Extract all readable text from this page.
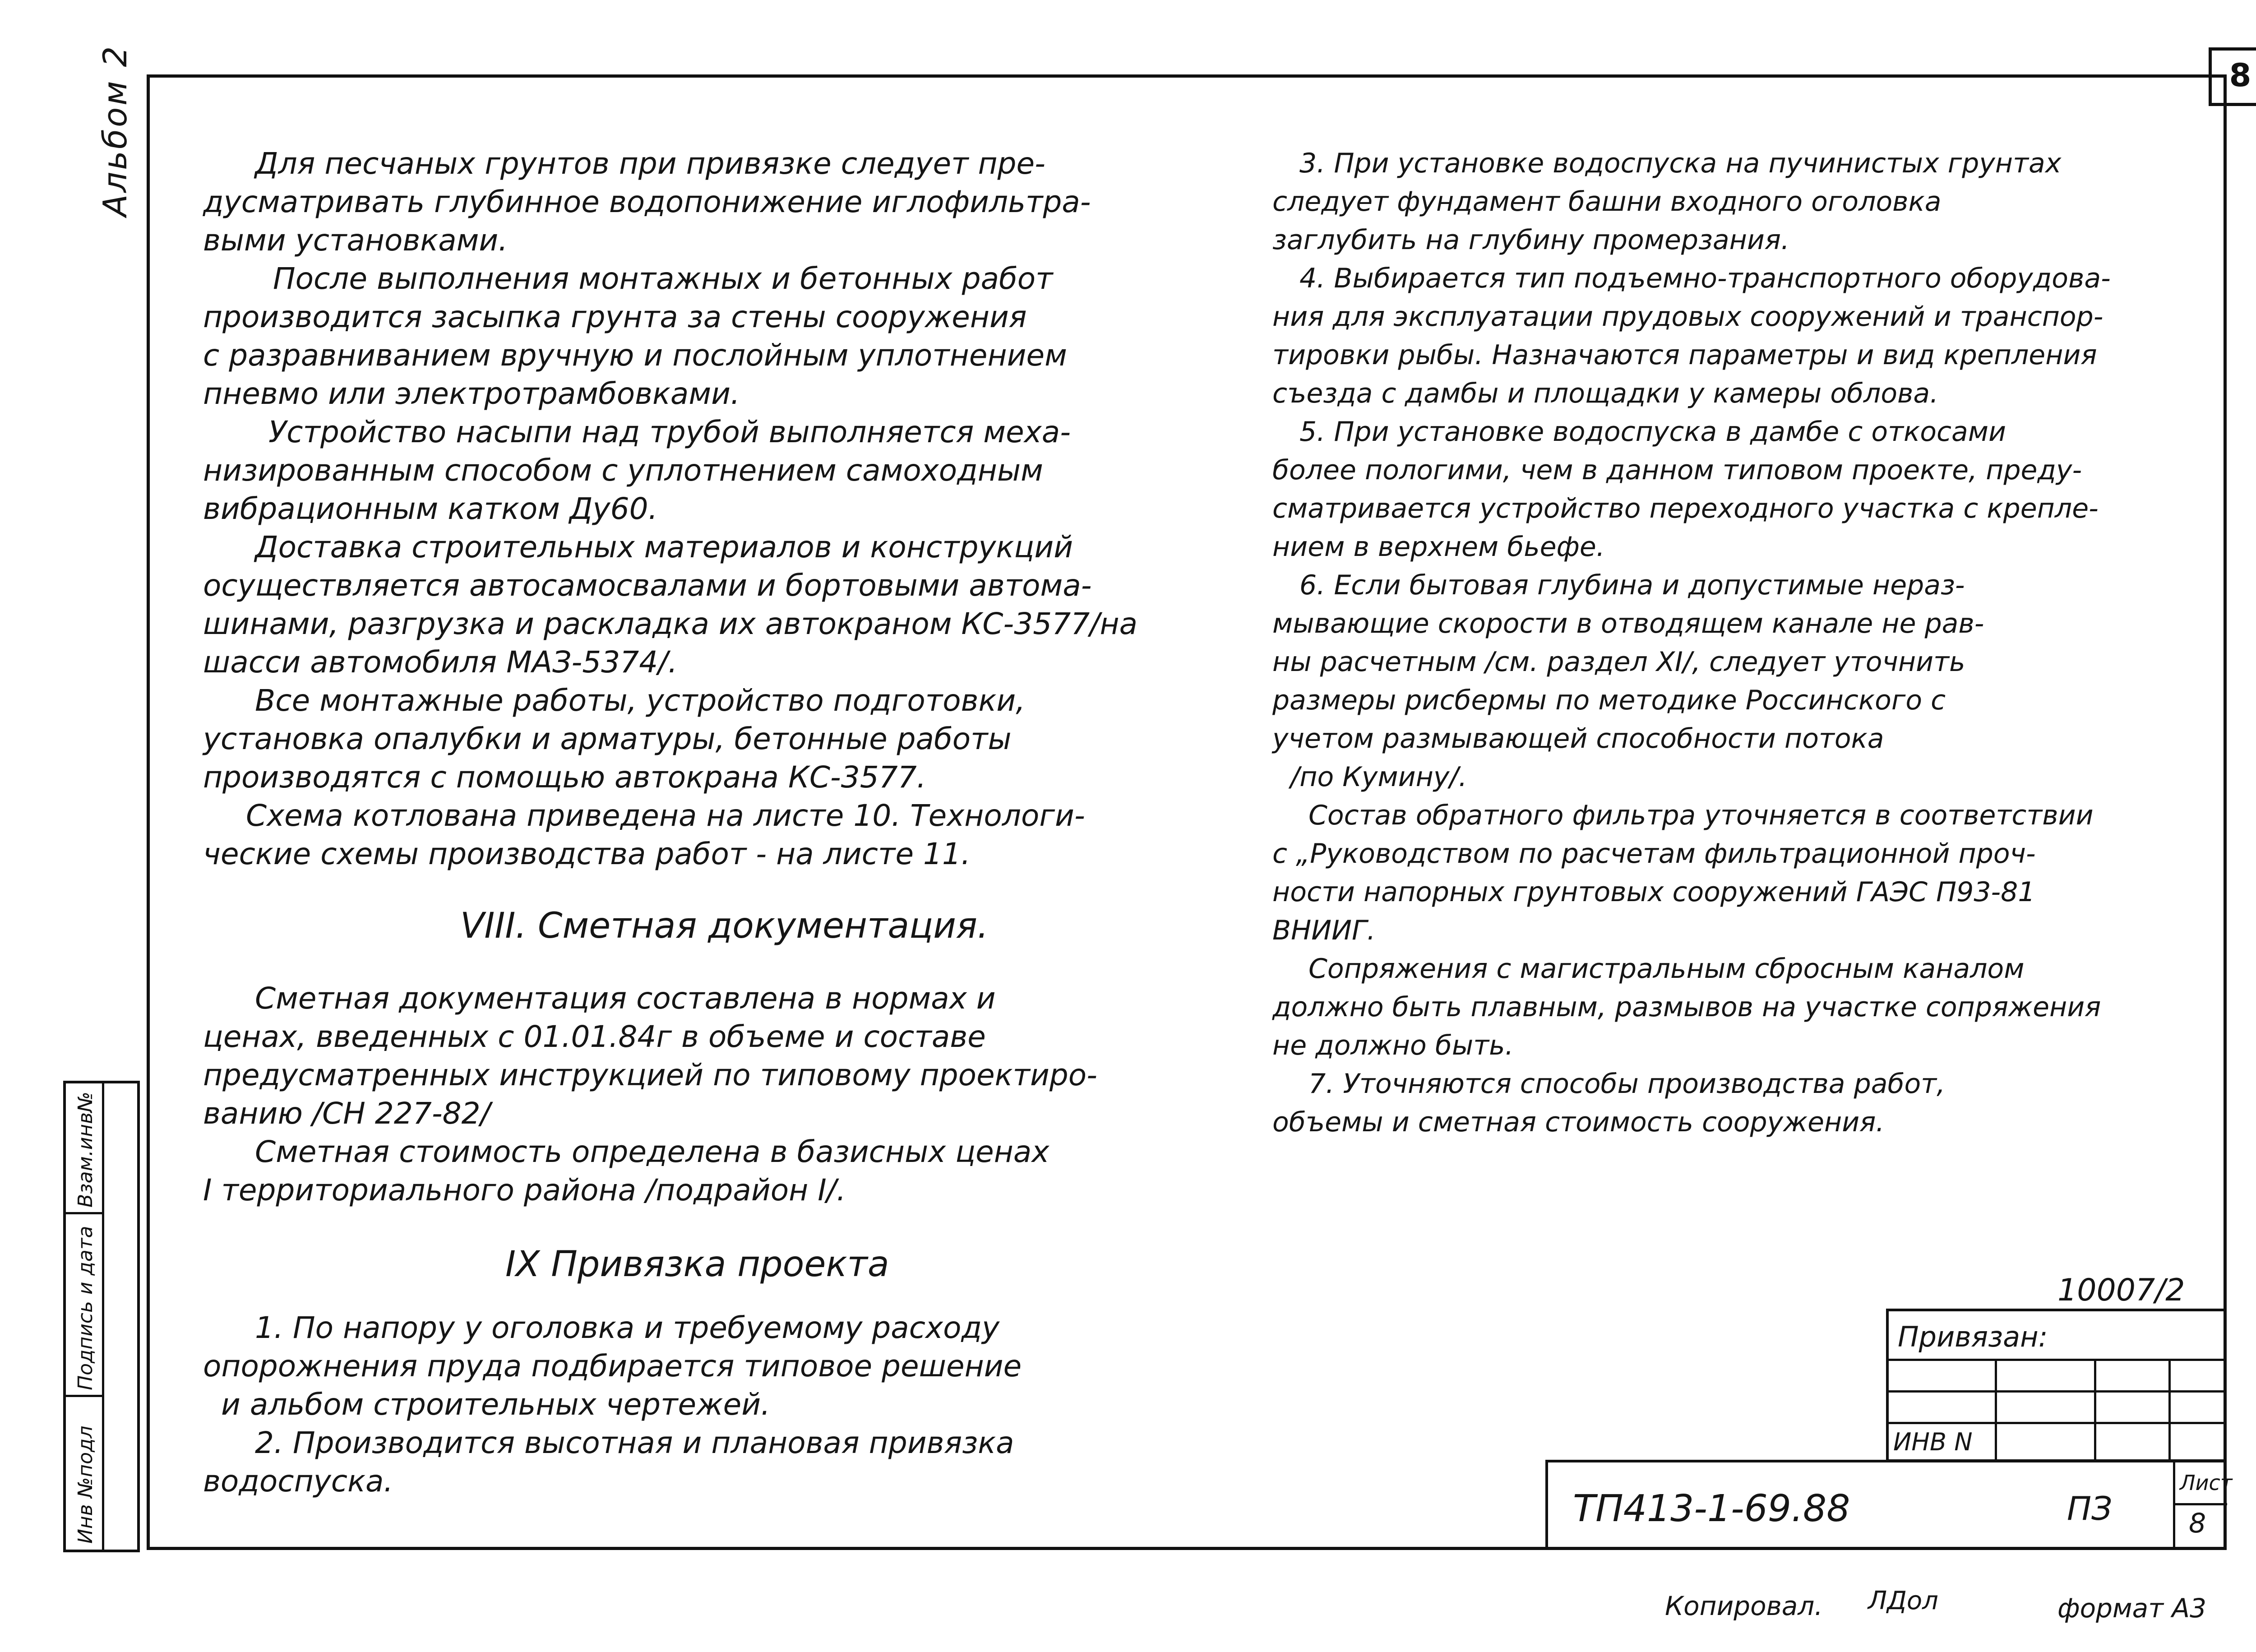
8
Альбом 2
Взам.инв№
Подпись и дата
Инв №подл
Для песчаных грунтов при привязке следует пре-
дусматривать глубинное водопонижение иглофильтра-
выми установками.
После выполнения монтажных и бетонных работ
производится засыпка грунта за стены сооружения
с разравниванием вручную и послойным уплотнением
пневмо или электротрамбовками.
Устройство насыпи над трубой выполняется меха-
низированным способом с уплотнением самоходным
вибрационным катком Ду60.
Доставка строительных материалов и конструкций
осуществляется автосамосвалами и бортовыми автома-
шинами, разгрузка и раскладка их автокраном КС-3577/на
шасси автомобиля МАЗ-5374/.
Все монтажные работы, устройство подготовки,
установка опалубки и арматуры, бетонные работы
производятся с помощью автокрана КС-3577.
Схема котлована приведена на листе 10. Технологи-
ческие схемы производства работ - на листе 11.
VIII. Сметная документация.
Сметная документация составлена в нормах и
ценах, введенных с 01.01.84г в объеме и составе
предусматренных инструкцией по типовому проектиро-
ванию /СН 227-82/
Сметная стоимость определена в базисных ценах
I территориального района /подрайон I/.
IX Привязка проекта
1. По напору у оголовка и требуемому расходу
опорожнения пруда подбирается типовое решение
и альбом строительных чертежей.
2. Производится высотная и плановая привязка
водоспуска.
3. При установке водоспуска на пучинистых грунтах
следует фундамент башни входного оголовка
заглубить на глубину промерзания.
4. Выбирается тип подъемно-транспортного оборудова-
ния для эксплуатации прудовых сооружений и транспор-
тировки рыбы. Назначаются параметры и вид крепления
съезда с дамбы и площадки у камеры облова.
5. При установке водоспуска в дамбе с откосами
более пологими, чем в данном типовом проекте, преду-
сматривается устройство переходного участка с крепле-
нием в верхнем бьефе.
6. Если бытовая глубина и допустимые нераз-
мывающие скорости в отводящем канале не рав-
ны расчетным /см. раздел XI/, следует уточнить
размеры рисбермы по методике Россинского с
учетом размывающей способности потока
/по Кумину/.
Состав обратного фильтра уточняется в соответствии
с „Руководством по расчетам фильтрационной проч-
ности напорных грунтовых сооружений ГАЭС П93-81
ВНИИГ.
Сопряжения с магистральным сбросным каналом
должно быть плавным, размывов на участке сопряжения
не должно быть.
7. Уточняются способы производства работ,
объемы и сметная стоимость сооружения.
10007/2
Привязан:
ИНВ N
ТП413-1-69.88	ПЗ
Лист
8
Копировал. ЛДол	формат А3
